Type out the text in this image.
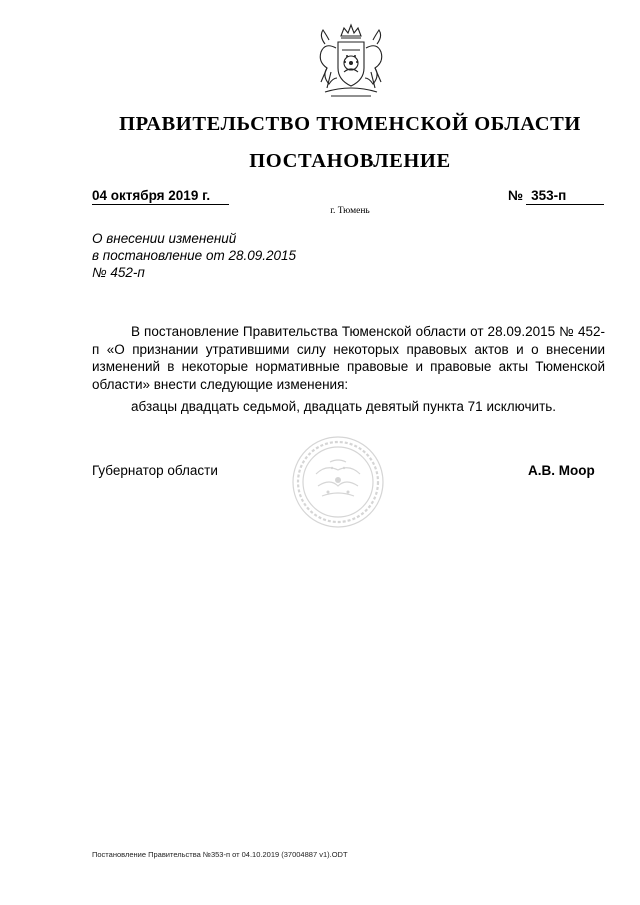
ПРАВИТЕЛЬСТВО ТЮМЕНСКОЙ ОБЛАСТИ
ПОСТАНОВЛЕНИЕ
04 октября 2019 г.	№ 353-п
г. Тюмень
О внесении изменений
в постановление от 28.09.2015
№ 452-п
В постановление Правительства Тюменской области от 28.09.2015 № 452-п «О признании утратившими силу некоторых правовых актов и о внесении изменений в некоторые нормативные правовые и правовые акты Тюменской области» внести следующие изменения:
абзацы двадцать седьмой, двадцать девятый пункта 71 исключить.
Губернатор области	А.В. Моор
Постановление Правительства №353-п от 04.10.2019 (37004887 v1).ODT
